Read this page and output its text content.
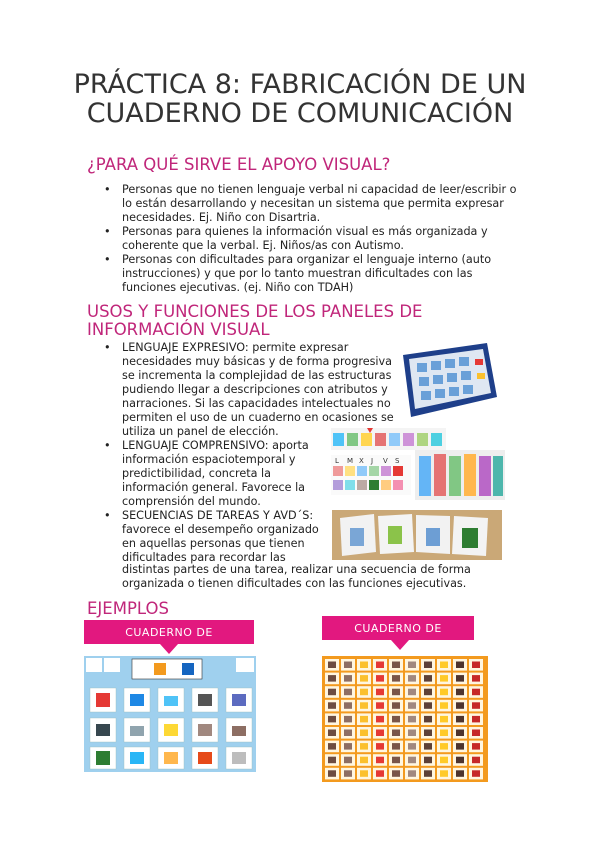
PRÁCTICA 8: FABRICACIÓN DE UN CUADERNO DE COMUNICACIÓN
¿PARA QUÉ SIRVE EL APOYO VISUAL?
• Personas que no tienen lenguaje verbal ni capacidad de leer/escribir o lo están desarrollando y necesitan un sistema que permita expresar necesidades. Ej. Niño con Disartria.
• Personas para quienes la información visual es más organizada y coherente que la verbal. Ej. Niños/as con Autismo.
• Personas con dificultades para organizar el lenguaje interno (auto instrucciones) y que por lo tanto muestran dificultades con las funciones ejecutivas. (ej. Niño con TDAH)
USOS Y FUNCIONES DE LOS PANELES DE INFORMACIÓN VISUAL
• LENGUAJE EXPRESIVO: permite expresar necesidades muy básicas y de forma progresiva se incrementa la complejidad de las estructuras pudiendo llegar a descripciones con atributos y narraciones. Si las capacidades intelectuales no permiten el uso de un cuaderno en ocasiones se utiliza un panel de elección.
• LENGUAJE COMPRENSIVO: aporta información espaciotemporal y predictibilidad, concreta la información general. Favorece la comprensión del mundo.
• SECUENCIAS DE TAREAS Y AVD´S: favorece el desempeño organizado en aquellas personas que tienen dificultades para recordar las
distintas partes de una tarea, realizar una secuencia de forma organizada o tienen dificultades con las funciones ejecutivas.
L M X J V S
EJEMPLOS
CUADERNO DE	CUADERNO DE
